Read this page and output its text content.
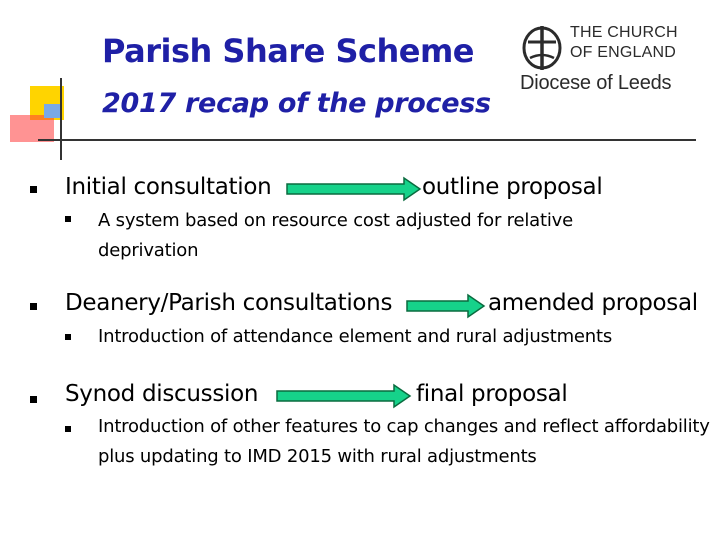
Parish Share Scheme
2017 recap of the process
THE CHURCH
OF ENGLAND
Diocese of Leeds
Initial consultation	outline proposal
A system based on resource cost adjusted for relative deprivation
Deanery/Parish consultations	amended proposal
Introduction of attendance element and rural adjustments
Synod discussion	final proposal
Introduction of other features to cap changes and reflect affordability plus updating to IMD 2015 with rural adjustments
